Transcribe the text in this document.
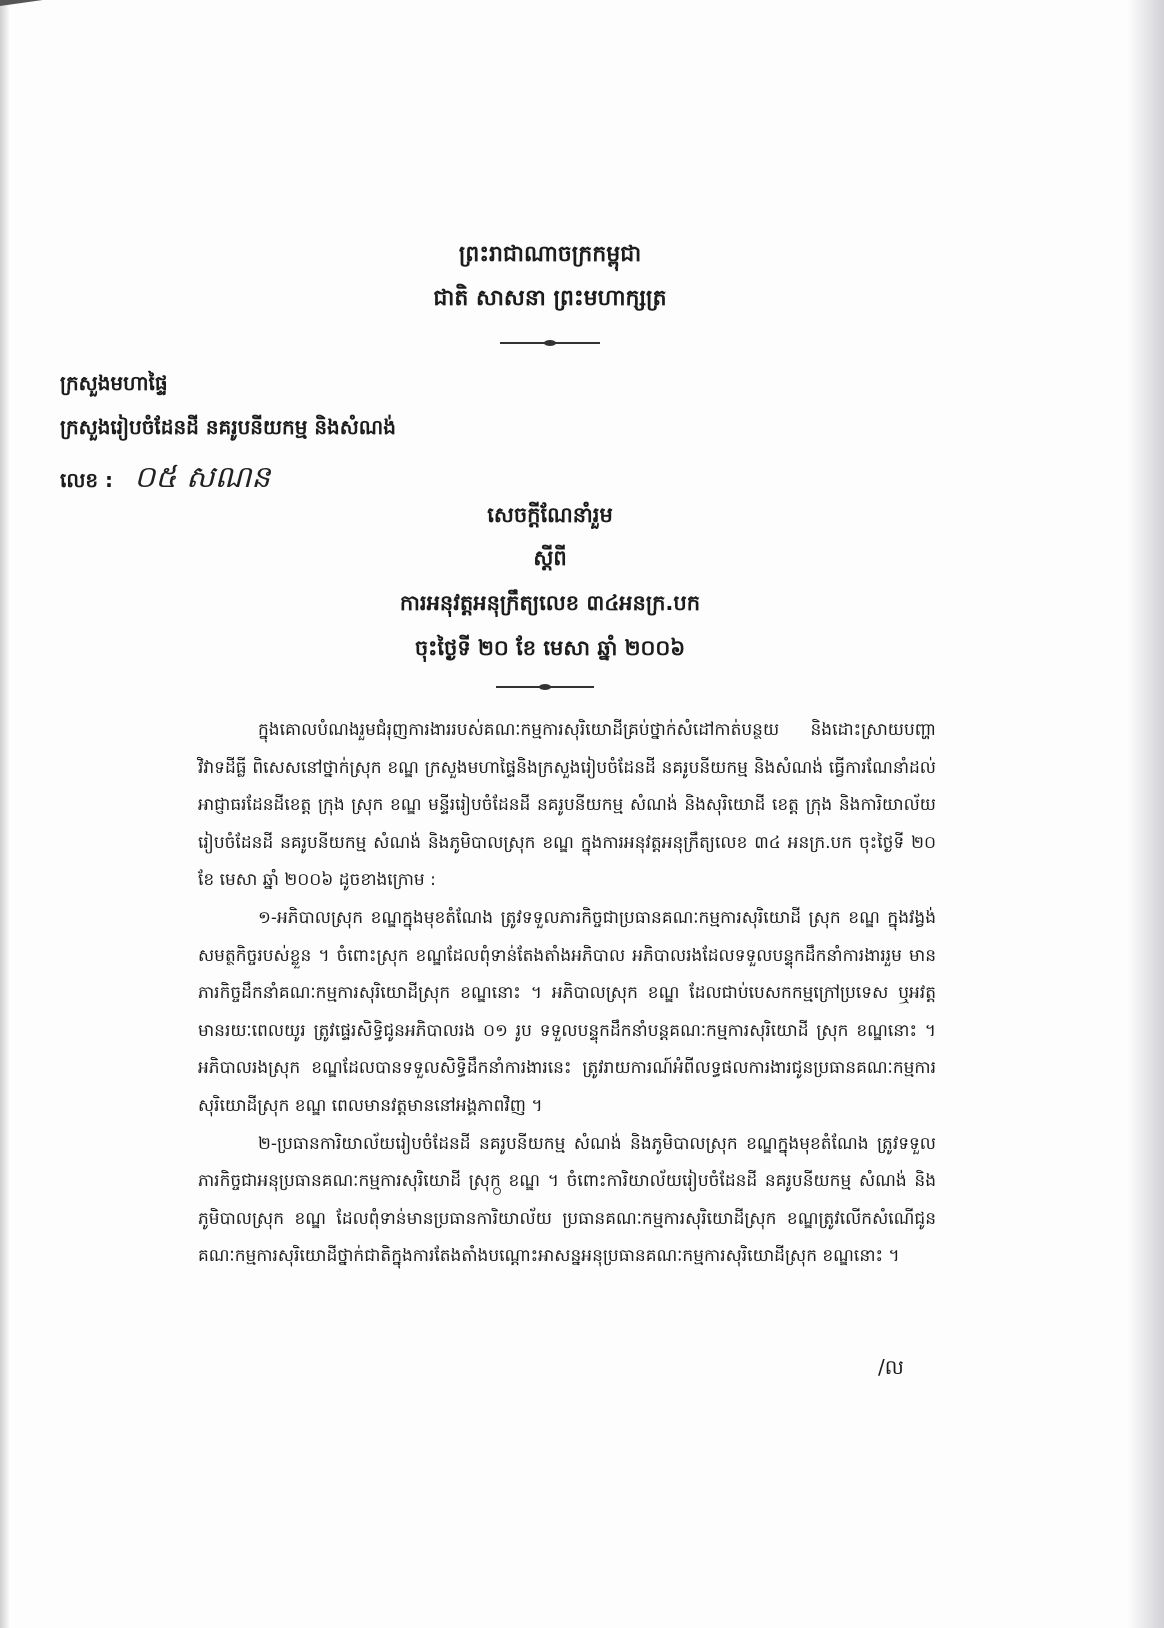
ព្រះរាជាណាចក្រកម្ពុជា
ជាតិ សាសនា ព្រះមហាក្សត្រ
ក្រសួងមហាផ្ទៃ
ក្រសួងរៀបចំដែនដី នគរូបនីយកម្ម និងសំណង់
លេខ : ០៥ សណន
សេចក្តីណែនាំរួម
ស្តីពី
ការអនុវត្តអនុក្រឹត្យលេខ ៣៤អនក្រ.បក
ចុះថ្ងៃទី ២០ ខែ មេសា ឆ្នាំ ២០០៦

ក្នុងគោលបំណងរួមជំរុញការងាររបស់គណៈកម្មការសុរិយោដីគ្រប់ថ្នាក់សំដៅកាត់បន្ថយ និងដោះស្រាយបញ្ហាវិវាទដីធ្លី ពិសេសនៅថ្នាក់ស្រុក ខណ្ឌ ក្រសួងមហាផ្ទៃនិងក្រសួងរៀបចំដែនដី នគរូបនីយកម្ម និងសំណង់ ធ្វើការណែនាំដល់អាជ្ញាធរដែនដីខេត្ត ក្រុង ស្រុក ខណ្ឌ មន្ទីររៀបចំដែនដី នគរូបនីយកម្ម សំណង់ និងសុរិយោដី ខេត្ត ក្រុង និងការិយាល័យរៀបចំដែនដី នគរូបនីយកម្ម សំណង់ និងភូមិបាលស្រុក ខណ្ឌ ក្នុងការអនុវត្តអនុក្រឹត្យលេខ ៣៤ អនក្រ.បក ចុះថ្ងៃទី ២០ ខែ មេសា ឆ្នាំ ២០០៦ ដូចខាងក្រោម :

១-អភិបាលស្រុក ខណ្ឌក្នុងមុខតំណែង ត្រូវទទួលភារកិច្ចជាប្រធានគណៈកម្មការសុរិយោដី ស្រុក ខណ្ឌ ក្នុងវង្វង់សមត្ថកិច្ចរបស់ខ្លួន ។ ចំពោះស្រុក ខណ្ឌដែលពុំទាន់តែងតាំងអភិបាល អភិបាលរងដែលទទួលបន្ទុកដឹកនាំការងាររួម មានភារកិច្ចដឹកនាំគណៈកម្មការសុរិយោដីស្រុក ខណ្ឌនោះ ។ អភិបាលស្រុក ខណ្ឌ ដែលជាប់បេសកកម្មក្រៅប្រទេស ឬអវត្តមានរយៈពេលយូរ ត្រូវផ្ទេរសិទ្ធិជូនអភិបាលរង ០១ រូប ទទួលបន្ទុកដឹកនាំបន្តគណៈកម្មការសុរិយោដី ស្រុក ខណ្ឌនោះ ។ អភិបាលរងស្រុក ខណ្ឌដែលបានទទួលសិទ្ធិដឹកនាំការងារនេះ ត្រូវរាយការណ៍អំពីលទ្ធផលការងារជូនប្រធានគណៈកម្មការសុរិយោដីស្រុក ខណ្ឌ ពេលមានវត្តមាននៅអង្គភាពវិញ ។

២-ប្រធានការិយាល័យរៀបចំដែនដី នគរូបនីយកម្ម សំណង់ និងភូមិបាលស្រុក ខណ្ឌក្នុងមុខតំណែង ត្រូវទទួលភារកិច្ចជាអនុប្រធានគណៈកម្មការសុរិយោដី ស្រុក ខណ្ឌ ។ ចំពោះការិយាល័យរៀបចំដែនដី នគរូបនីយកម្ម សំណង់ និងភូមិបាលស្រុក ខណ្ឌ ដែលពុំទាន់មានប្រធានការិយាល័យ ប្រធានគណៈកម្មការសុរិយោដីស្រុក ខណ្ឌត្រូវលើកសំណើជូនគណៈកម្មការសុរិយោដីថ្នាក់ជាតិក្នុងការតែងតាំងបណ្តោះអាសន្នអនុប្រធានគណៈកម្មការសុរិយោដីស្រុក ខណ្ឌនោះ ។

/ល
